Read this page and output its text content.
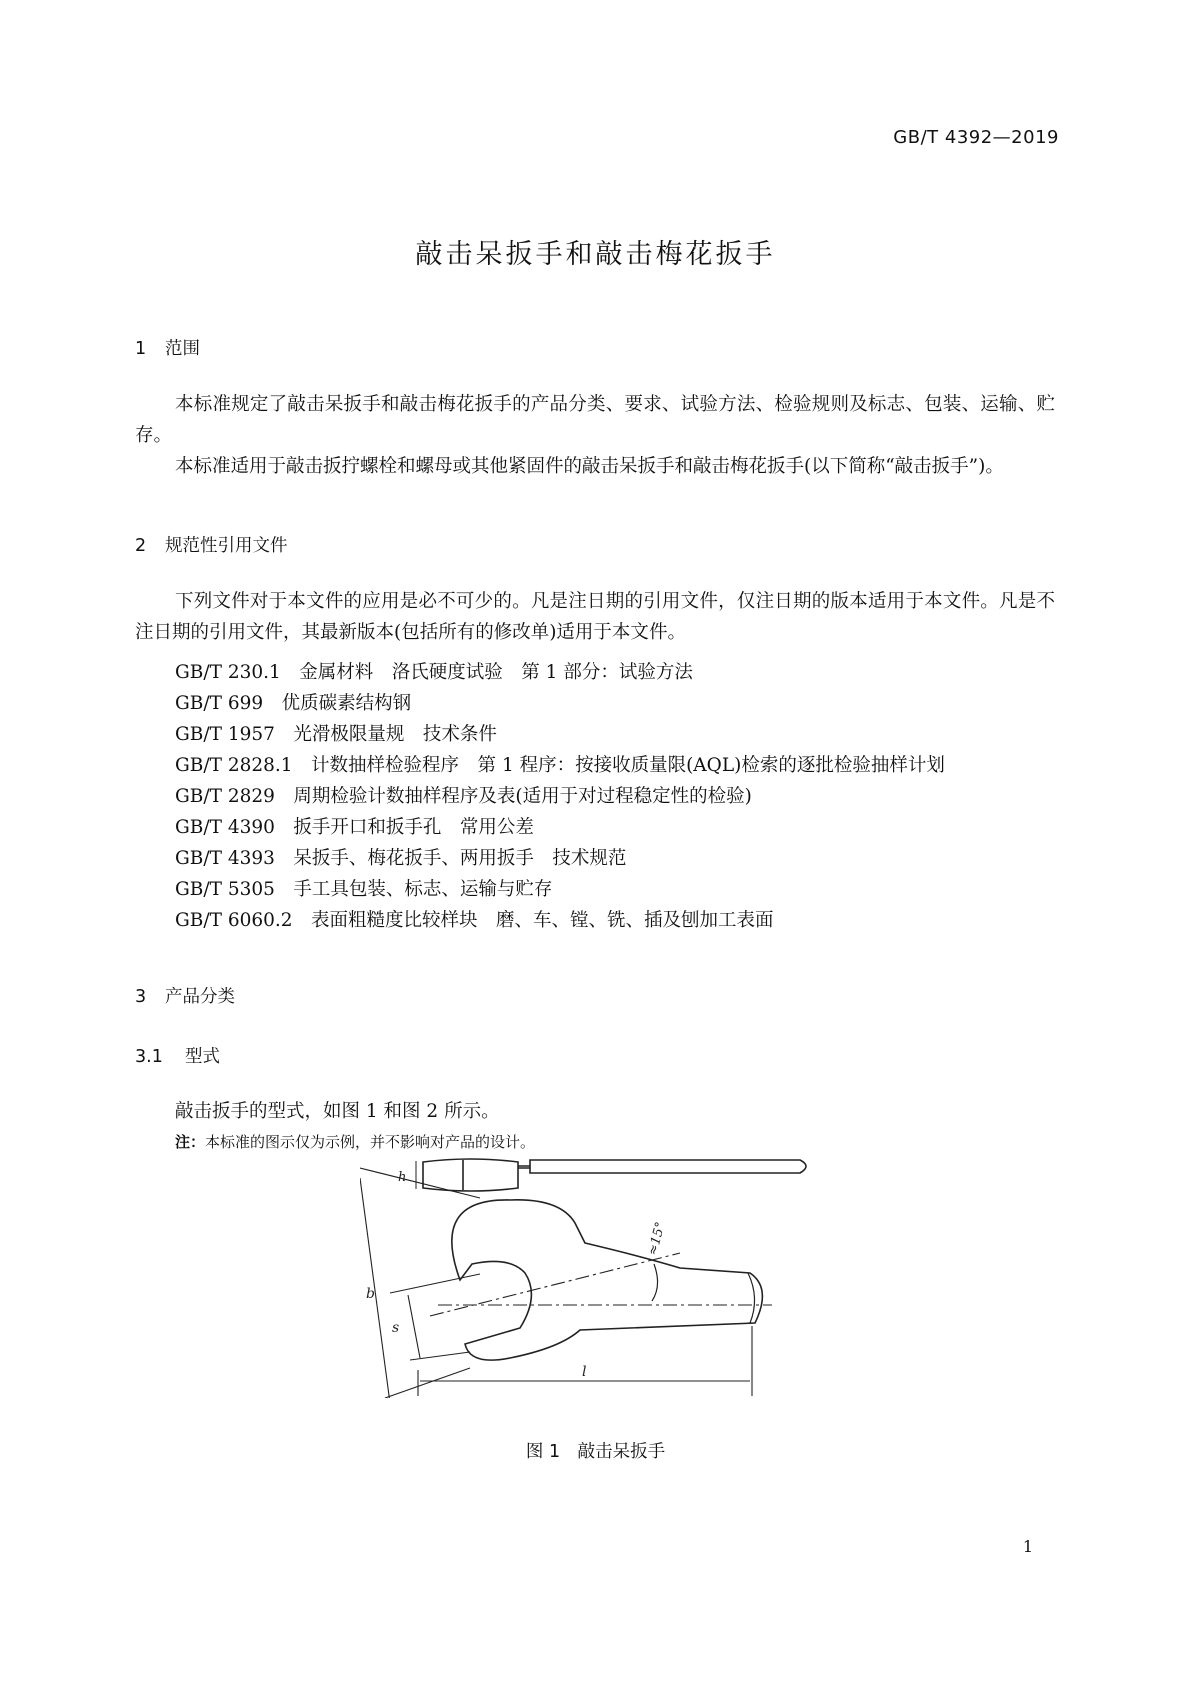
GB/T 4392—2019
敲击呆扳手和敲击梅花扳手
1 范围

本标准规定了敲击呆扳手和敲击梅花扳手的产品分类、要求、试验方法、检验规则及标志、包装、运输、贮存。

本标准适用于敲击扳拧螺栓和螺母或其他紧固件的敲击呆扳手和敲击梅花扳手(以下简称“敲击扳手”)。

2 规范性引用文件

下列文件对于本文件的应用是必不可少的。凡是注日期的引用文件，仅注日期的版本适用于本文件。凡是不注日期的引用文件，其最新版本(包括所有的修改单)适用于本文件。

GB/T 230.1　金属材料　洛氏硬度试验　第 1 部分：试验方法
GB/T 699　优质碳素结构钢
GB/T 1957　光滑极限量规　技术条件
GB/T 2828.1　计数抽样检验程序　第 1 程序：按接收质量限(AQL)检索的逐批检验抽样计划
GB/T 2829　周期检验计数抽样程序及表(适用于对过程稳定性的检验)
GB/T 4390　扳手开口和扳手孔　常用公差
GB/T 4393　呆扳手、梅花扳手、两用扳手　技术规范
GB/T 5305　手工具包装、标志、运输与贮存
GB/T 6060.2　表面粗糙度比较样块　磨、车、镗、铣、插及刨加工表面
3 产品分类
3.1 型式
敲击扳手的型式，如图 1 和图 2 所示。
注：本标准的图示仅为示例，并不影响对产品的设计。
h
b
s
l
≈15°
图 1　敲击呆扳手
1
